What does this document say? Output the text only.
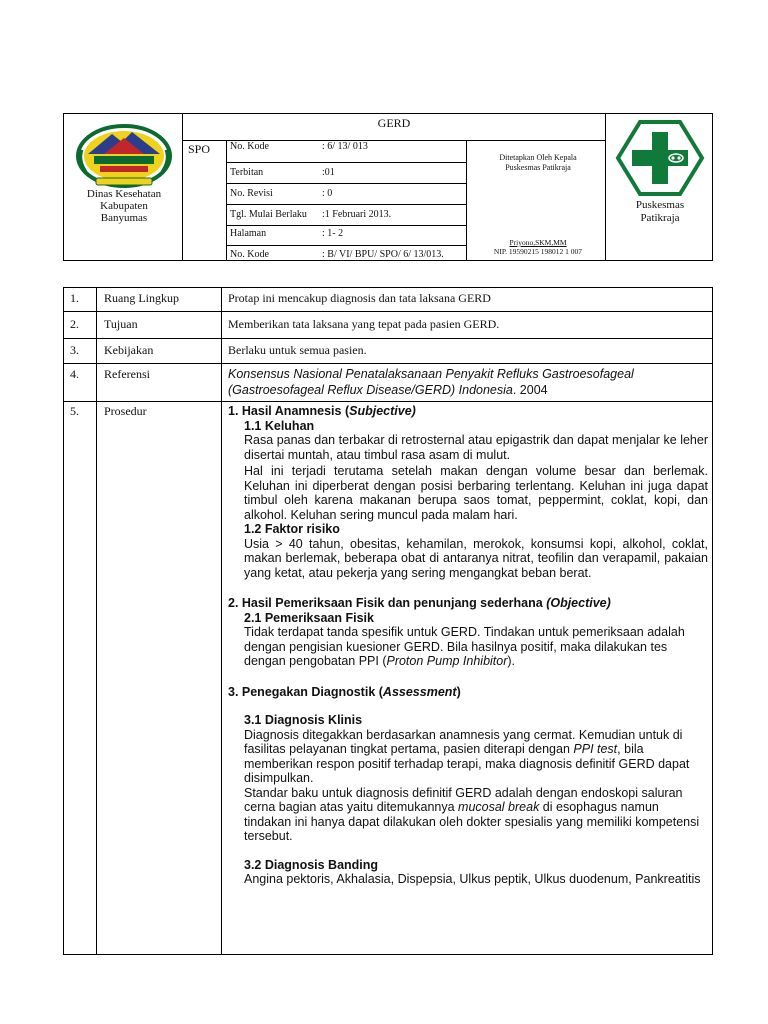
Dinas Kesehatan
Kabupaten
Banyumas
GERD
SPO No. Kode	: 6/ 13/ 013
Terbitan	:01
No. Revisi	: 0
Tgl. Mulai Berlaku :1 Februari 2013.
Halaman	: 1- 2
No. Kode	: B/ VI/ BPU/ SPO/ 6/ 13/013.
Ditetapkan Oleh Kepala
Puskesmas Patikraja
Priyono,SKM,MM
NIP. 19590215 198012 1 007
Puskesmas
Patikraja
1. Ruang Lingkup	Protap ini mencakup diagnosis dan tata laksana GERD
2. Tujuan	Memberikan tata laksana yang tepat pada pasien GERD.
3. Kebijakan	Berlaku untuk semua pasien.
4. Referensi	Konsensus Nasional Penatalaksanaan Penyakit Refluks Gastroesofageal (Gastroesofageal Reflux Disease/GERD) Indonesia. 2004
5. Prosedur	1. Hasil Anamnesis (Subjective)
1.1 Keluhan
Rasa panas dan terbakar di retrosternal atau epigastrik dan dapat menjalar ke leher disertai muntah, atau timbul rasa asam di mulut.
Hal ini terjadi terutama setelah makan dengan volume besar dan berlemak. Keluhan ini diperberat dengan posisi berbaring terlentang. Keluhan ini juga dapat timbul oleh karena makanan berupa saos tomat, peppermint, coklat, kopi, dan alkohol. Keluhan sering muncul pada malam hari.
1.2 Faktor risiko
Usia > 40 tahun, obesitas, kehamilan, merokok, konsumsi kopi, alkohol, coklat, makan berlemak, beberapa obat di antaranya nitrat, teofilin dan verapamil, pakaian yang ketat, atau pekerja yang sering mengangkat beban berat.
2. Hasil Pemeriksaan Fisik dan penunjang sederhana (Objective)
2.1 Pemeriksaan Fisik
Tidak terdapat tanda spesifik untuk GERD. Tindakan untuk pemeriksaan adalah dengan pengisian kuesioner GERD. Bila hasilnya positif, maka dilakukan tes dengan pengobatan PPI (Proton Pump Inhibitor).
3. Penegakan Diagnostik (Assessment)
3.1 Diagnosis Klinis
Diagnosis ditegakkan berdasarkan anamnesis yang cermat. Kemudian untuk di fasilitas pelayanan tingkat pertama, pasien diterapi dengan PPI test, bila memberikan respon positif terhadap terapi, maka diagnosis definitif GERD dapat disimpulkan.
Standar baku untuk diagnosis definitif GERD adalah dengan endoskopi saluran cerna bagian atas yaitu ditemukannya mucosal break di esophagus namun tindakan ini hanya dapat dilakukan oleh dokter spesialis yang memiliki kompetensi tersebut.
3.2 Diagnosis Banding
Angina pektoris, Akhalasia, Dispepsia, Ulkus peptik, Ulkus duodenum, Pankreatitis
